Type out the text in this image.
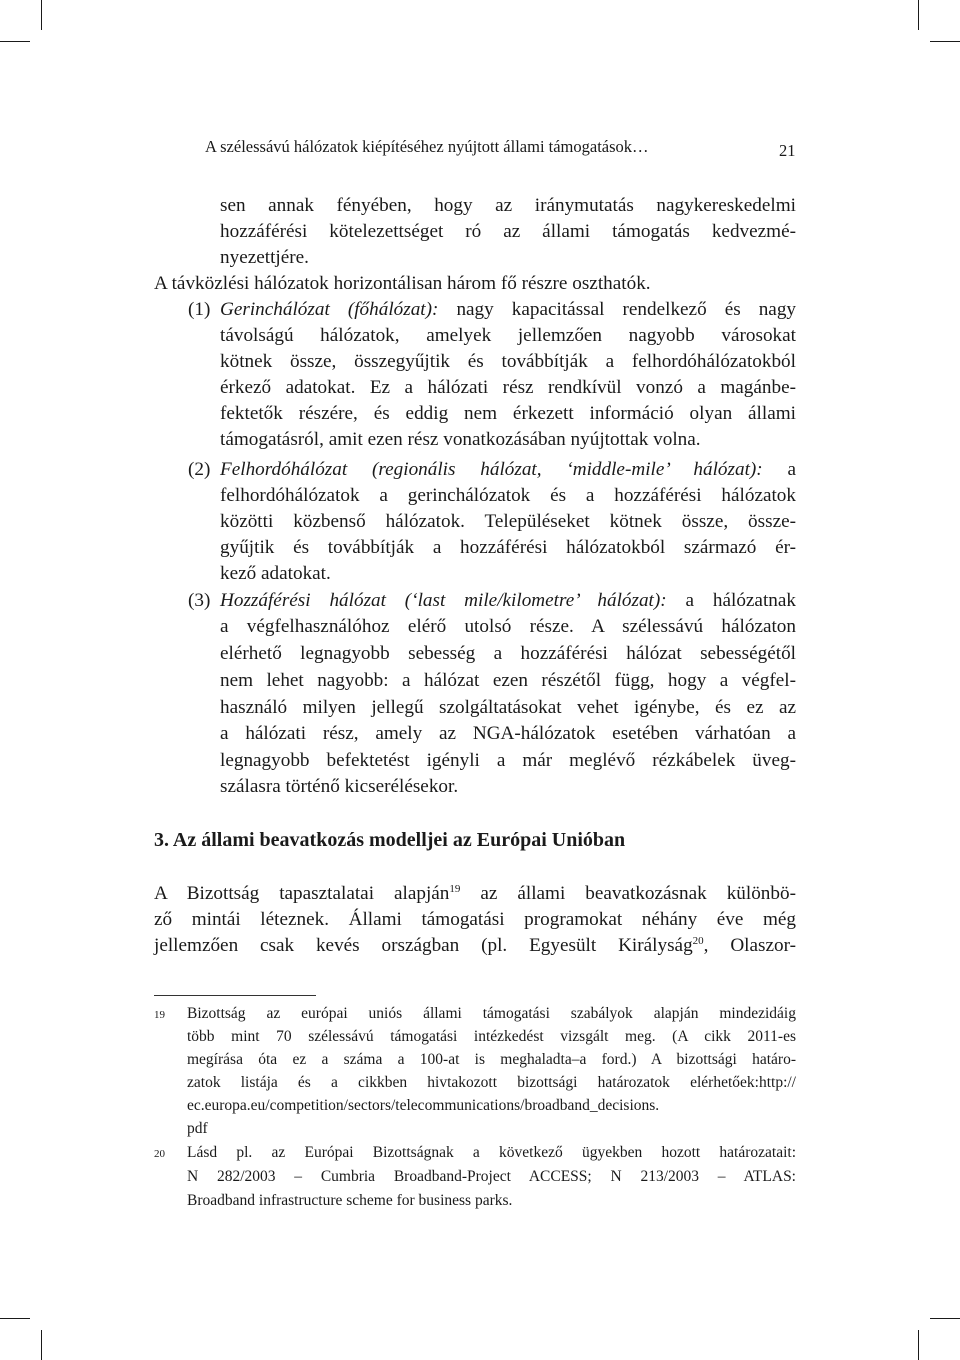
A szélessávú hálózatok kiépítéséhez nyújtott állami támogatások…	21
sen annak fényében, hogy az iránymutatás nagykereskedelmi
hozzáférési kötelezettséget ró az állami támogatás kedvezmé-
nyezettjére.
A távközlési hálózatok horizontálisan három fő részre oszthatók.
(1) Gerinchálózat (főhálózat): nagy kapacitással rendelkező és nagy
távolságú hálózatok, amelyek jellemzően nagyobb városokat
kötnek össze, összegyűjtik és továbbítják a felhordóhálózatokból
érkező adatokat. Ez a hálózati rész rendkívül vonzó a magánbe-
fektetők részére, és eddig nem érkezett információ olyan állami
támogatásról, amit ezen rész vonatkozásában nyújtottak volna.
(2) Felhordóhálózat (regionális hálózat, ‘middle-mile’ hálózat): a
felhordóhálózatok a gerinchálózatok és a hozzáférési hálózatok
közötti közbenső hálózatok. Településeket kötnek össze, össze-
gyűjtik és továbbítják a hozzáférési hálózatokból származó ér-
kező adatokat.
(3) Hozzáférési hálózat (‘last mile/kilometre’ hálózat): a hálózatnak
a végfelhasználóhoz elérő utolsó része. A szélessávú hálózaton
elérhető legnagyobb sebesség a hozzáférési hálózat sebességétől
nem lehet nagyobb: a hálózat ezen részétől függ, hogy a végfel-
használó milyen jellegű szolgáltatásokat vehet igénybe, és ez az
a hálózati rész, amely az NGA-hálózatok esetében várhatóan a
legnagyobb befektetést igényli a már meglévő rézkábelek üveg-
szálasra történő kicserélésekor.
3. Az állami beavatkozás modelljei az Európai Unióban
A Bizottság tapasztalatai alapján$^{19}$ az állami beavatkozásnak különbö-
ző mintái léteznek. Állami támogatási programokat néhány éve még
jellemzően csak kevés országban (pl. Egyesült Királyság$^{20}$, Olaszor-
19 Bizottság az európai uniós állami támogatási szabályok alapján mindezidáig
több mint 70 szélessávú támogatási intézkedést vizsgált meg. (A cikk 2011-es
megírása óta ez a száma a 100-at is meghaladta–a ford.) A bizottsági határo-
zatok listája és a cikkben hivtakozott bizottsági határozatok elérhetőek:http://
ec.europa.eu/competition/sectors/telecommunications/broadband_decisions.
pdf
20 Lásd pl. az Európai Bizottságnak a következő ügyekben hozott határozatait:
N 282/2003 – Cumbria Broadband-Project ACCESS; N 213/2003 – ATLAS:
Broadband infrastructure scheme for business parks.
